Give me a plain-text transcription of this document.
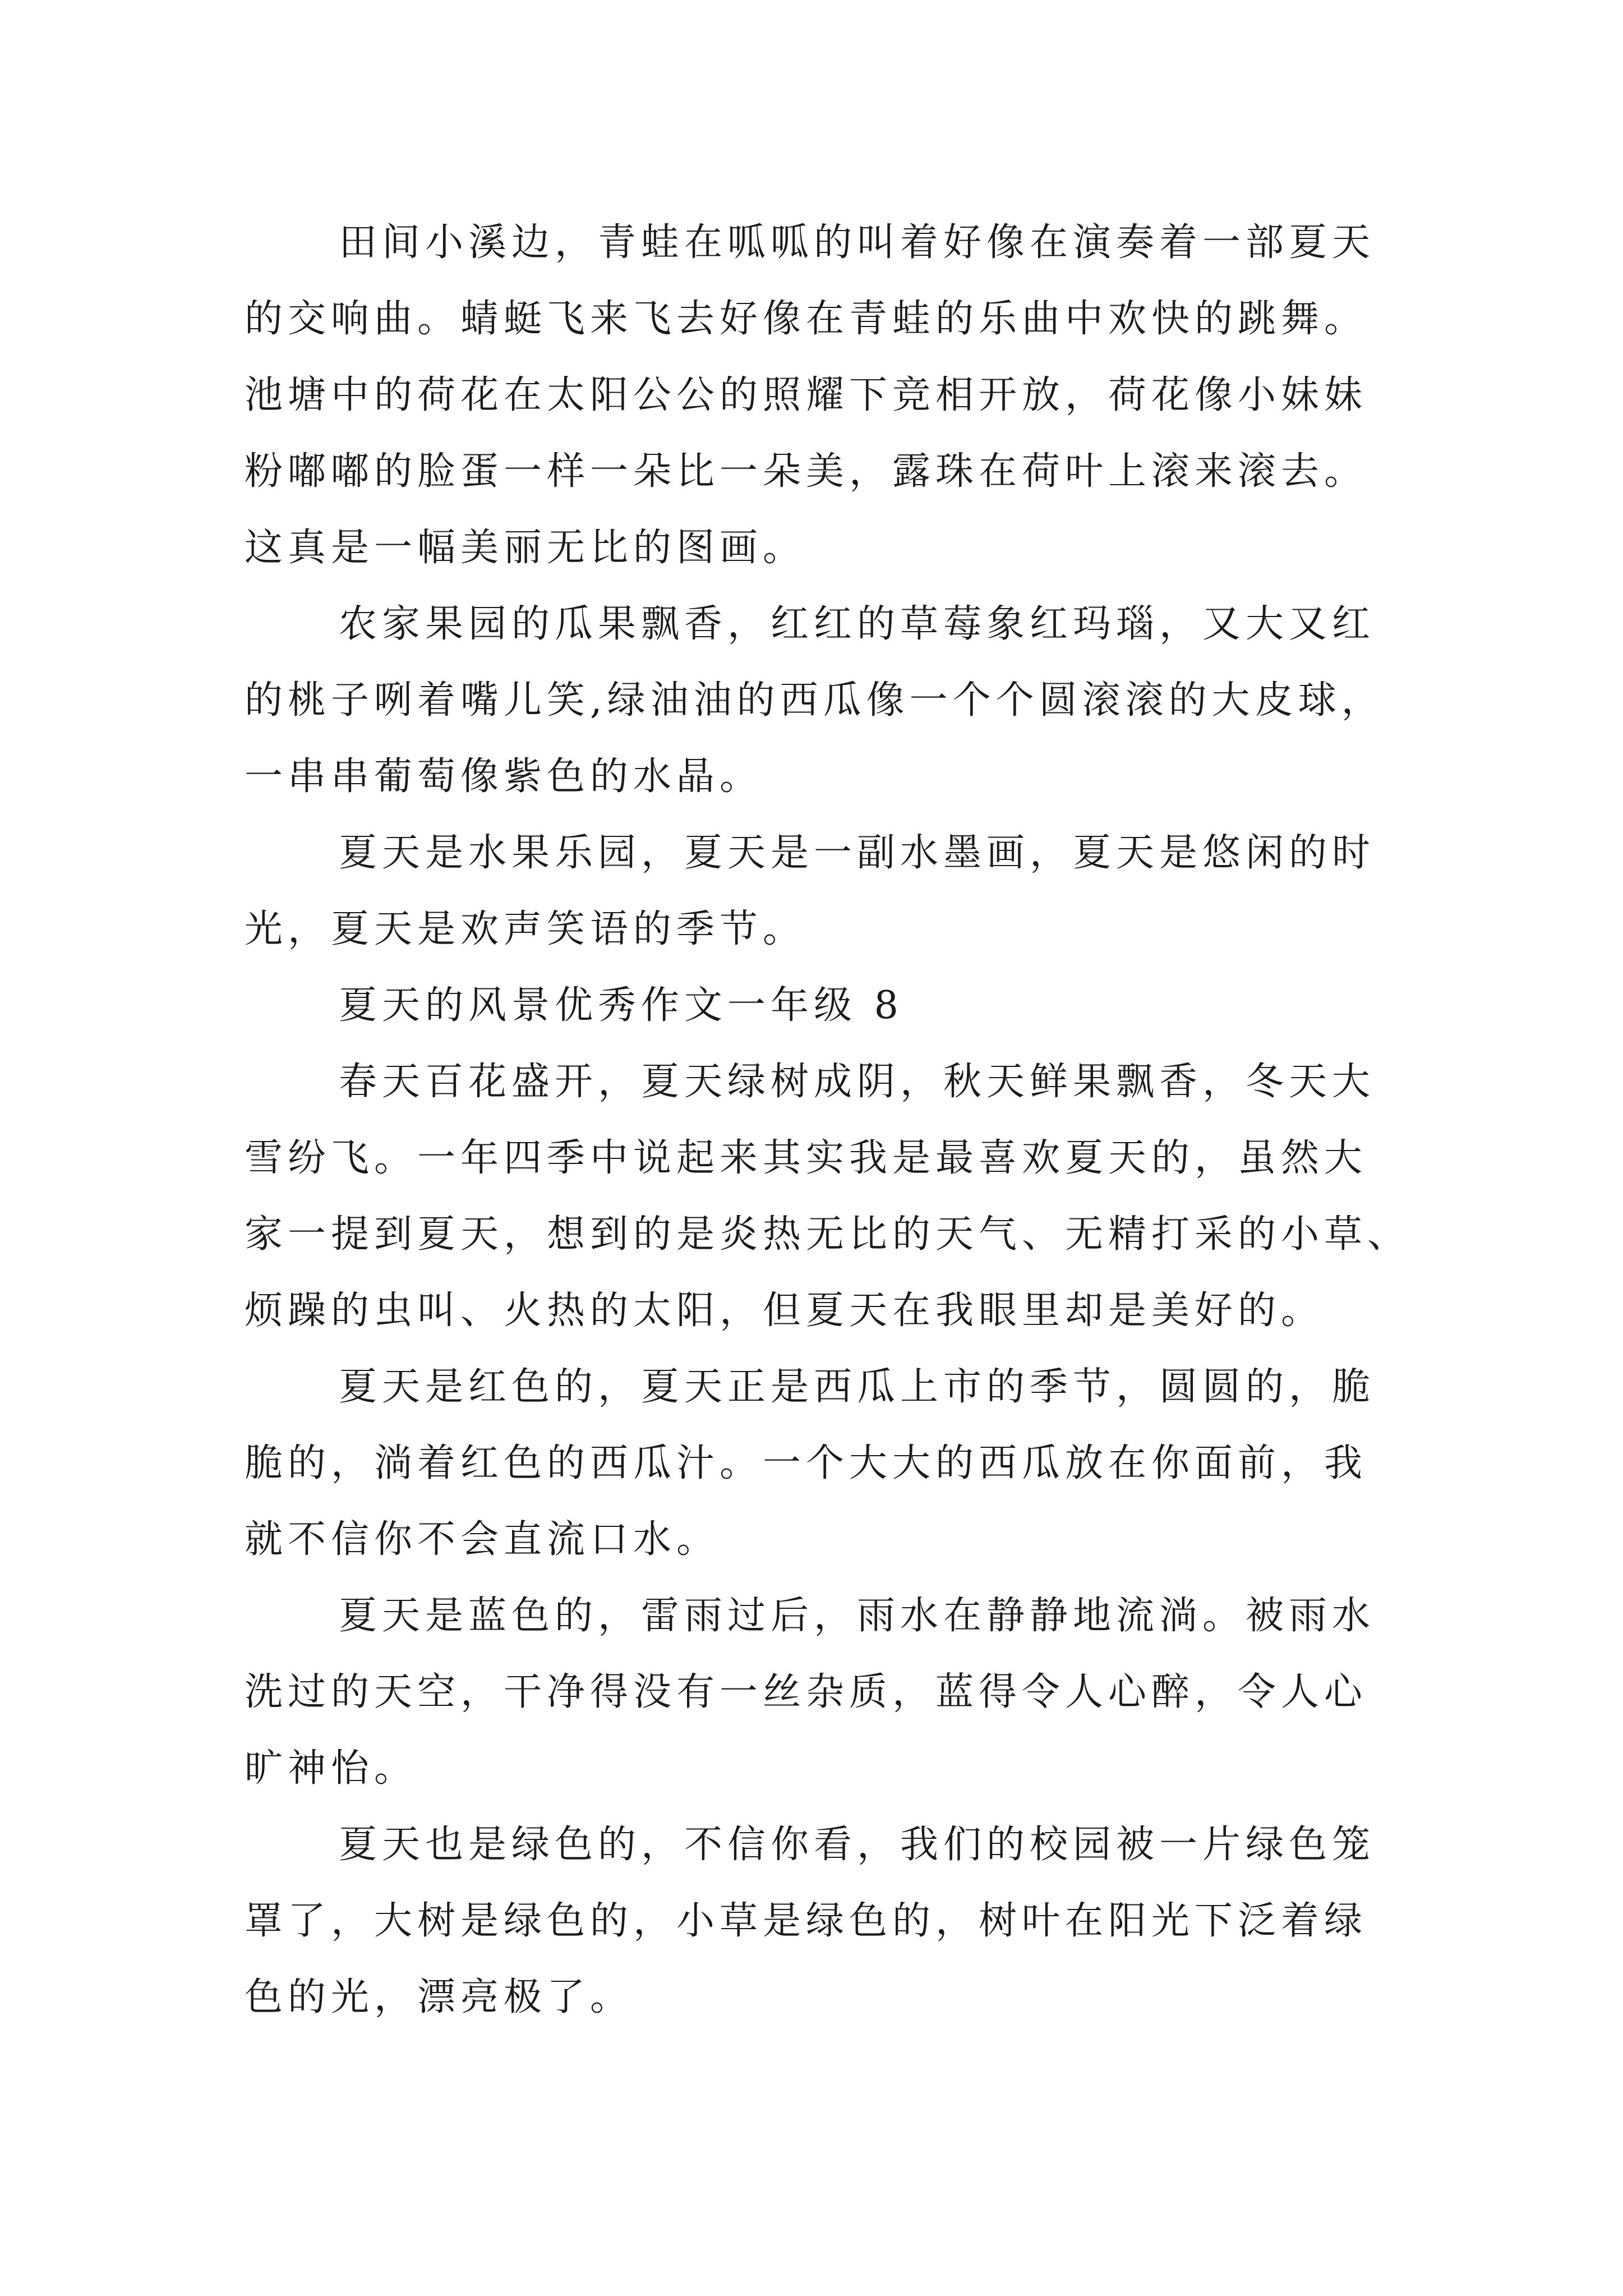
田间小溪边，青蛙在呱呱的叫着好像在演奏着一部夏天
的交响曲。蜻蜓飞来飞去好像在青蛙的乐曲中欢快的跳舞。
池塘中的荷花在太阳公公的照耀下竞相开放，荷花像小妹妹
粉嘟嘟的脸蛋一样一朵比一朵美，露珠在荷叶上滚来滚去。
这真是一幅美丽无比的图画。
农家果园的瓜果飘香，红红的草莓象红玛瑙，又大又红
的桃子咧着嘴儿笑,绿油油的西瓜像一个个圆滚滚的大皮球，
一串串葡萄像紫色的水晶。
夏天是水果乐园，夏天是一副水墨画，夏天是悠闲的时
光，夏天是欢声笑语的季节。
夏天的风景优秀作文一年级 8
春天百花盛开，夏天绿树成阴，秋天鲜果飘香，冬天大
雪纷飞。一年四季中说起来其实我是最喜欢夏天的，虽然大
家一提到夏天，想到的是炎热无比的天气、无精打采的小草、
烦躁的虫叫、火热的太阳，但夏天在我眼里却是美好的。
夏天是红色的，夏天正是西瓜上市的季节，圆圆的，脆
脆的，淌着红色的西瓜汁。一个大大的西瓜放在你面前，我
就不信你不会直流口水。
夏天是蓝色的，雷雨过后，雨水在静静地流淌。被雨水
洗过的天空，干净得没有一丝杂质，蓝得令人心醉，令人心
旷神怡。
夏天也是绿色的，不信你看，我们的校园被一片绿色笼
罩了，大树是绿色的，小草是绿色的，树叶在阳光下泛着绿
色的光，漂亮极了。
